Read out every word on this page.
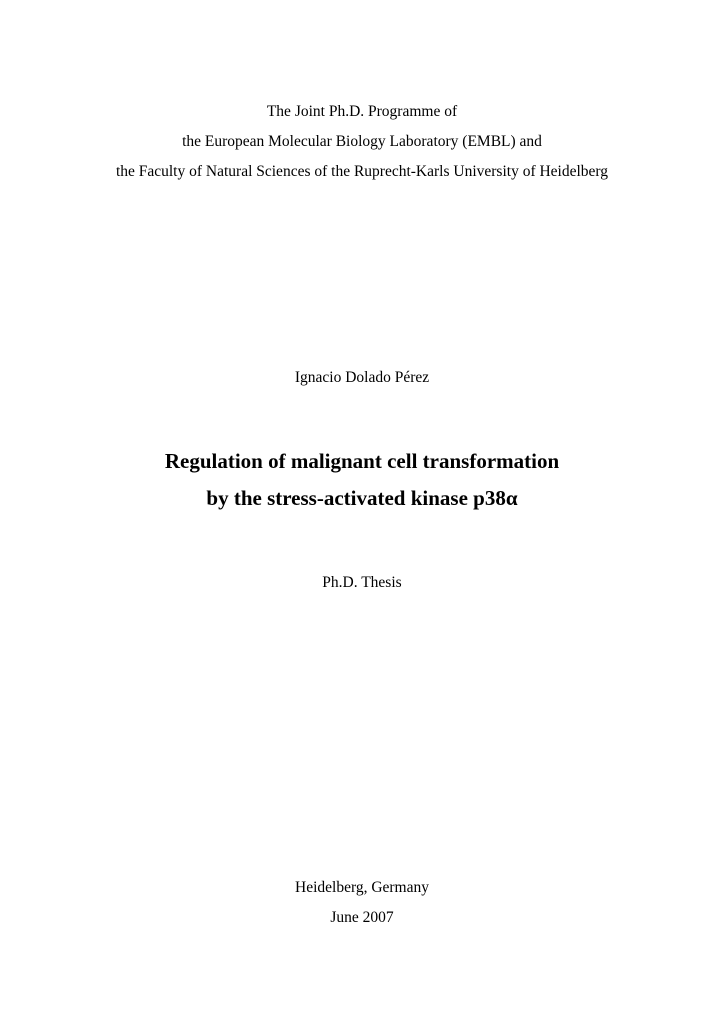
The Joint Ph.D. Programme of
the European Molecular Biology Laboratory (EMBL) and
the Faculty of Natural Sciences of the Ruprecht-Karls University of Heidelberg
Ignacio Dolado Pérez
Regulation of malignant cell transformation
by the stress-activated kinase p38α
Ph.D. Thesis
Heidelberg, Germany
June 2007
